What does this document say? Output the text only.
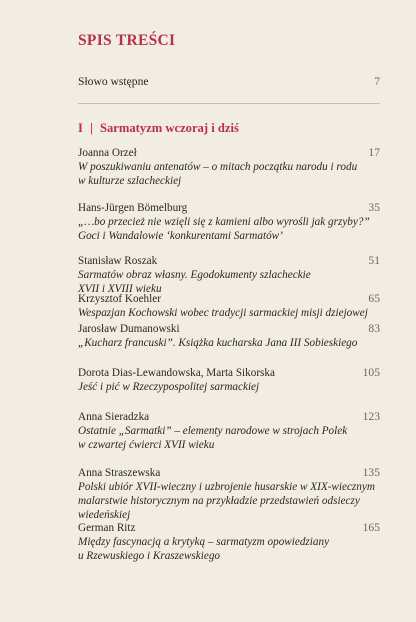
SPIS TREŚCI
Słowo wstępne	7
I | Sarmatyzm wczoraj i dziś
Joanna Orzeł	17
W poszukiwaniu antenatów – o mitach początku narodu i rodu
w kulturze szlacheckiej
Hans-Jürgen Bömelburg	35
„…bo przecież nie wzięli się z kamieni albo wyrośli jak grzyby?”
Goci i Wandalowie ‘konkurentami Sarmatów’
Stanisław Roszak	51
Sarmatów obraz własny. Egodokumenty szlacheckie
XVII i XVIII wieku
Krzysztof Koehler	65
Wespazjan Kochowski wobec tradycji sarmackiej misji dziejowej
Jarosław Dumanowski	83
„Kucharz francuski”. Książka kucharska Jana III Sobieskiego
Dorota Dias-Lewandowska, Marta Sikorska	105
Jeść i pić w Rzeczypospolitej sarmackiej
Anna Sieradzka	123
Ostatnie „Sarmatki” – elementy narodowe w strojach Polek
w czwartej ćwierci XVII wieku
Anna Straszewska	135
Polski ubiór XVII-wieczny i uzbrojenie husarskie w XIX-wiecznym
malarstwie historycznym na przykładzie przedstawień odsieczy wiedeńskiej
German Ritz	165
Między fascynacją a krytyką – sarmatyzm opowiedziany
u Rzewuskiego i Kraszewskiego
